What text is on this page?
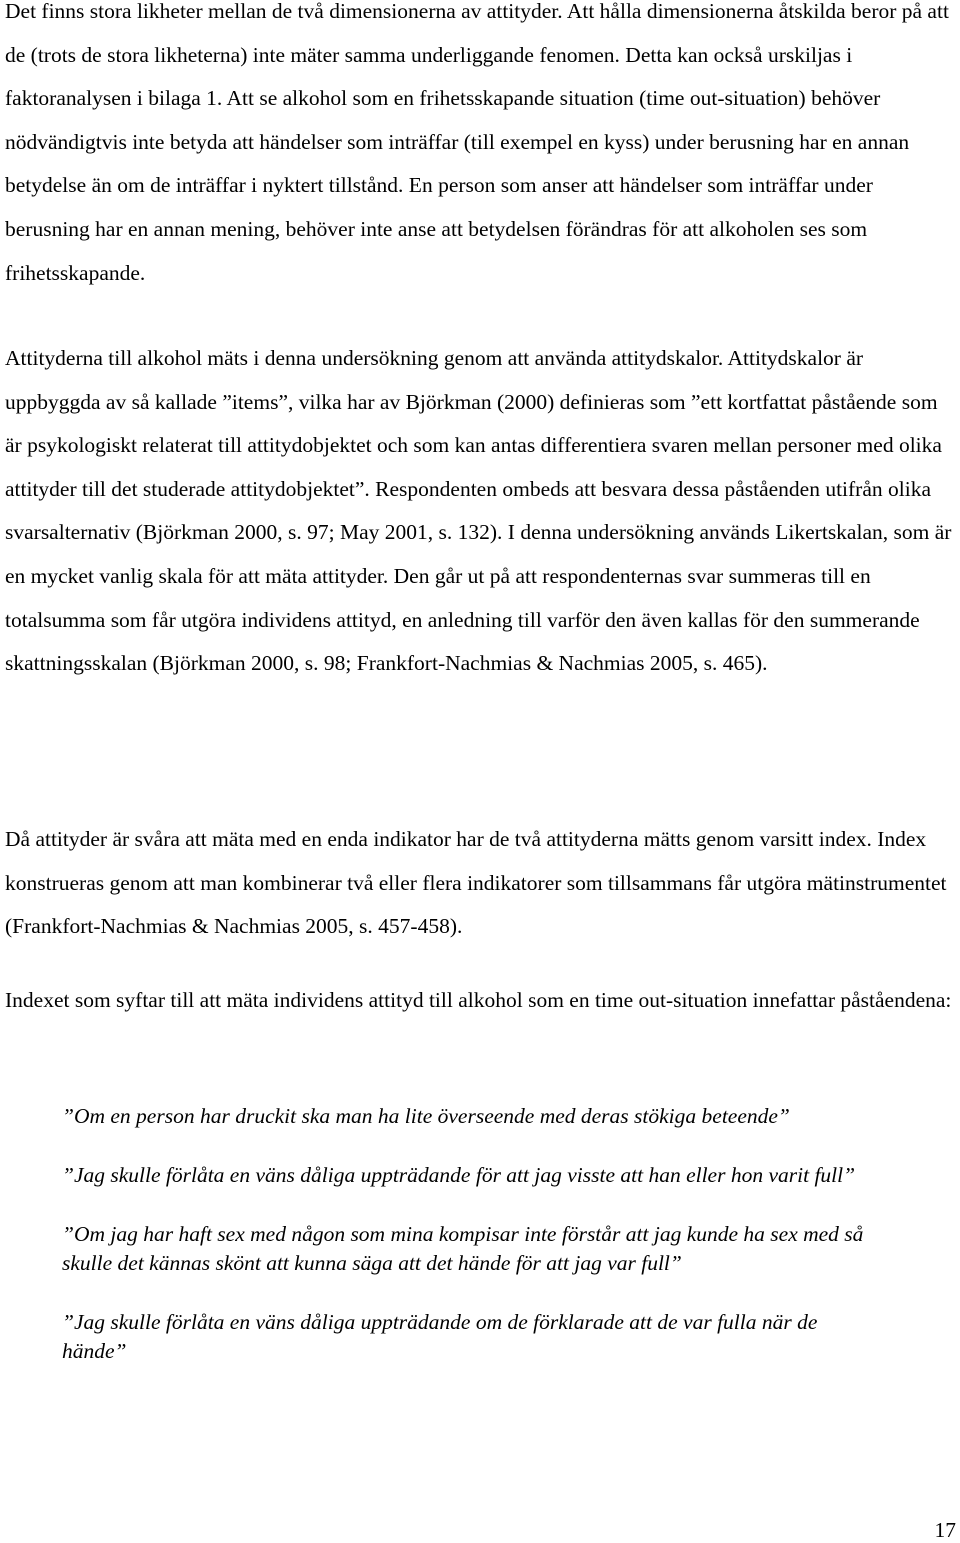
Det finns stora likheter mellan de två dimensionerna av attityder. Att hålla dimensionerna åtskilda beror på att de (trots de stora likheterna) inte mäter samma underliggande fenomen. Detta kan också urskiljas i faktoranalysen i bilaga 1. Att se alkohol som en frihetsskapande situation (time out-situation) behöver nödvändigtvis inte betyda att händelser som inträffar (till exempel en kyss) under berusning har en annan betydelse än om de inträffar i nyktert tillstånd. En person som anser att händelser som inträffar under berusning har en annan mening, behöver inte anse att betydelsen förändras för att alkoholen ses som frihetsskapande.

Attityderna till alkohol mäts i denna undersökning genom att använda attitydskalor. Attitydskalor är uppbyggda av så kallade ”items”, vilka har av Björkman (2000) definieras som ”ett kortfattat påstående som är psykologiskt relaterat till attitydobjektet och som kan antas differentiera svaren mellan personer med olika attityder till det studerade attitydobjektet”. Respondenten ombeds att besvara dessa påståenden utifrån olika svarsalternativ (Björkman 2000, s. 97; May 2001, s. 132). I denna undersökning används Likertskalan, som är en mycket vanlig skala för att mäta attityder. Den går ut på att respondenternas svar summeras till en totalsumma som får utgöra individens attityd, en anledning till varför den även kallas för den summerande skattningsskalan (Björkman 2000, s. 98; Frankfort-Nachmias & Nachmias 2005, s. 465).

Då attityder är svåra att mäta med en enda indikator har de två attityderna mätts genom varsitt index. Index konstrueras genom att man kombinerar två eller flera indikatorer som tillsammans får utgöra mätinstrumentet (Frankfort-Nachmias & Nachmias 2005, s. 457-458).

Indexet som syftar till att mäta individens attityd till alkohol som en time out-situation innefattar påståendena:

”Om en person har druckit ska man ha lite överseende med deras stökiga beteende”

”Jag skulle förlåta en väns dåliga uppträdande för att jag visste att han eller hon varit full”

”Om jag har haft sex med någon som mina kompisar inte förstår att jag kunde ha sex med så skulle det kännas skönt att kunna säga att det hände för att jag var full”

”Jag skulle förlåta en väns dåliga uppträdande om de förklarade att de var fulla när de hände”

17
